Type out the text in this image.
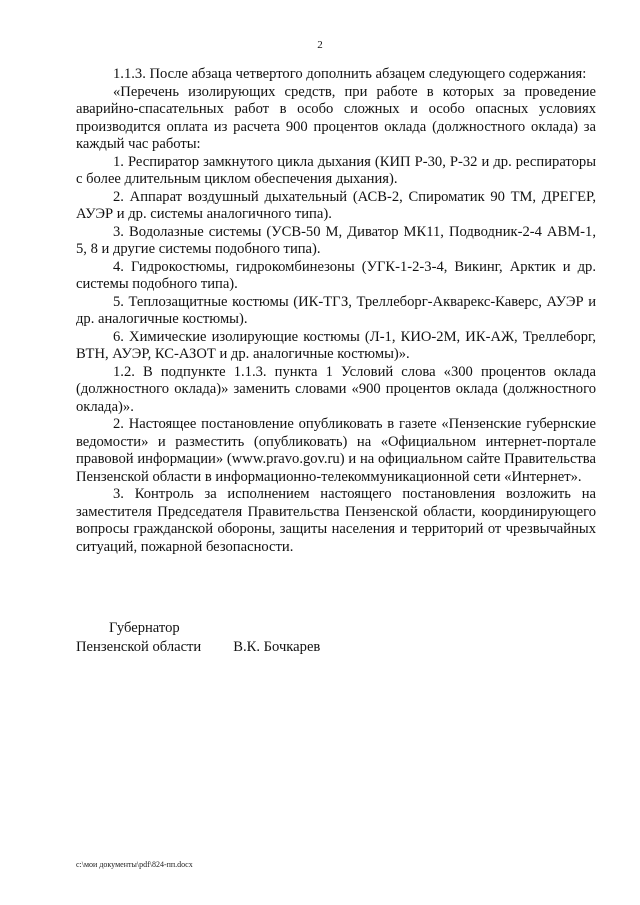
2

1.1.3. После абзаца четвертого дополнить абзацем следующего содержания:

«Перечень изолирующих средств, при работе в которых за проведение аварийно-спасательных работ в особо сложных и особо опасных условиях производится оплата из расчета 900 процентов оклада (должностного оклада) за каждый час работы:

1. Респиратор замкнутого цикла дыхания (КИП Р-30, Р-32 и др. респираторы с более длительным циклом обеспечения дыхания).

2. Аппарат воздушный дыхательный (АСВ-2, Спироматик 90 ТМ, ДРЕГЕР, АУЭР и др. системы аналогичного типа).

3. Водолазные системы (УСВ-50 М, Диватор МК11, Подводник-2-4 АВМ-1, 5, 8 и другие системы подобного типа).

4. Гидрокостюмы, гидрокомбинезоны (УГК-1-2-3-4, Викинг, Арктик и др. системы подобного типа).

5. Теплозащитные костюмы (ИК-ТГЗ, Треллеборг-Акваpекс-Каверс, АУЭР и др. аналогичные костюмы).

6. Химические изолирующие костюмы (Л-1, КИО-2М, ИК-АЖ, Треллеборг, ВТН, АУЭР, КС-АЗОТ и др. аналогичные костюмы)».

1.2. В подпункте 1.1.3. пункта 1 Условий слова «300 процентов оклада (должностного оклада)» заменить словами «900 процентов оклада (должностного оклада)».

2. Настоящее постановление опубликовать в газете «Пензенские губернские ведомости» и разместить (опубликовать) на «Официальном интернет-портале правовой информации» (www.pravo.gov.ru) и на официальном сайте Правительства Пензенской области в информационно-телекоммуникационной сети «Интернет».

3. Контроль за исполнением настоящего постановления возложить на заместителя Председателя Правительства Пензенской области, координирующего вопросы гражданской обороны, защиты населения и территорий от чрезвычайных ситуаций, пожарной безопасности.

Губернатор
Пензенской области В.К. Бочкарев
c:\мои документы\pdf\824-пп.docx
